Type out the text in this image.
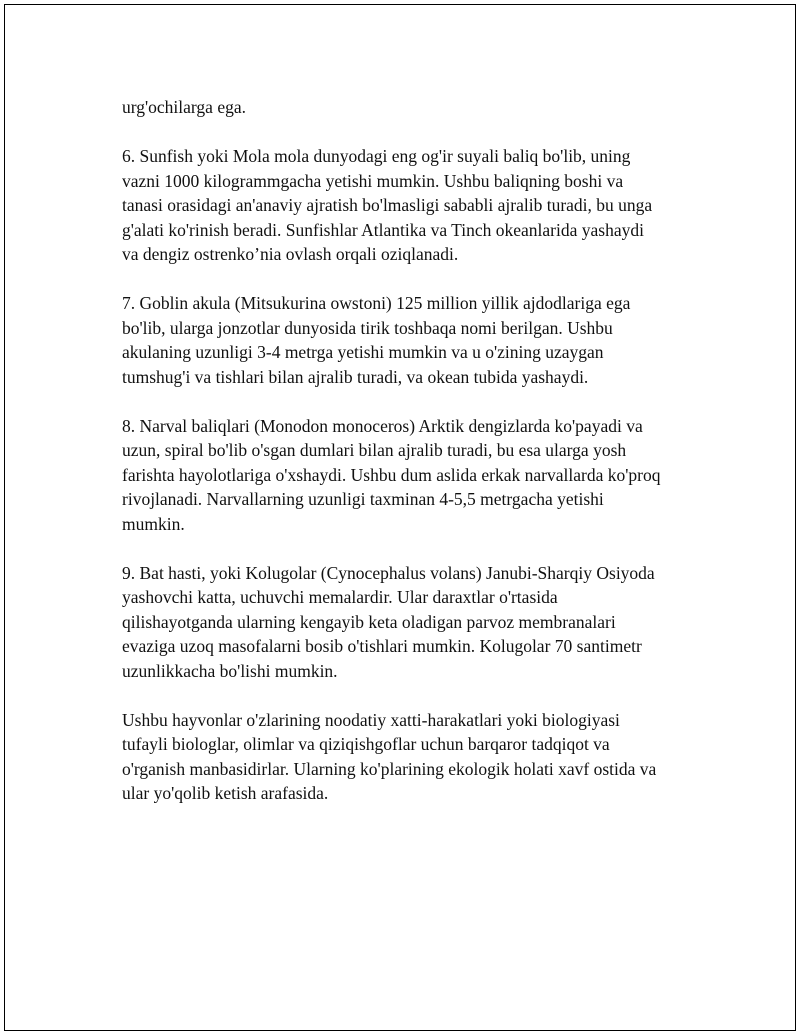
urg'ochilarga ega.

6. Sunfish yoki Mola mola dunyodagi eng og'ir suyali baliq bo'lib, uning
vazni 1000 kilogrammgacha yetishi mumkin. Ushbu baliqning boshi va
tanasi orasidagi an'anaviy ajratish bo'lmasligi sababli ajralib turadi, bu unga
g'alati ko'rinish beradi. Sunfishlar Atlantika va Tinch okeanlarida yashaydi
va dengiz ostrenko’nia ovlash orqali oziqlanadi.

7. Goblin akula (Mitsukurina owstoni) 125 million yillik ajdodlariga ega
bo'lib, ularga jonzotlar dunyosida tirik toshbaqa nomi berilgan. Ushbu
akulaning uzunligi 3-4 metrga yetishi mumkin va u o'zining uzaygan
tumshug'i va tishlari bilan ajralib turadi, va okean tubida yashaydi.

8. Narval baliqlari (Monodon monoceros) Arktik dengizlarda ko'payadi va
uzun, spiral bo'lib o'sgan dumlari bilan ajralib turadi, bu esa ularga yosh
farishta hayolotlariga o'xshaydi. Ushbu dum aslida erkak narvallarda ko'proq
rivojlanadi. Narvallarning uzunligi taxminan 4-5,5 metrgacha yetishi
mumkin.

9. Bat hasti, yoki Kolugolar (Cynocephalus volans) Janubi-Sharqiy Osiyoda
yashovchi katta, uchuvchi memalardir. Ular daraxtlar o'rtasida
qilishayotganda ularning kengayib keta oladigan parvoz membranalari
evaziga uzoq masofalarni bosib o'tishlari mumkin. Kolugolar 70 santimetr
uzunlikkacha bo'lishi mumkin.

Ushbu hayvonlar o'zlarining noodatiy xatti-harakatlari yoki biologiyasi
tufayli biologlar, olimlar va qiziqishgoflar uchun barqaror tadqiqot va
o'rganish manbasidirlar. Ularning ko'plarining ekologik holati xavf ostida va
ular yo'qolib ketish arafasida.
